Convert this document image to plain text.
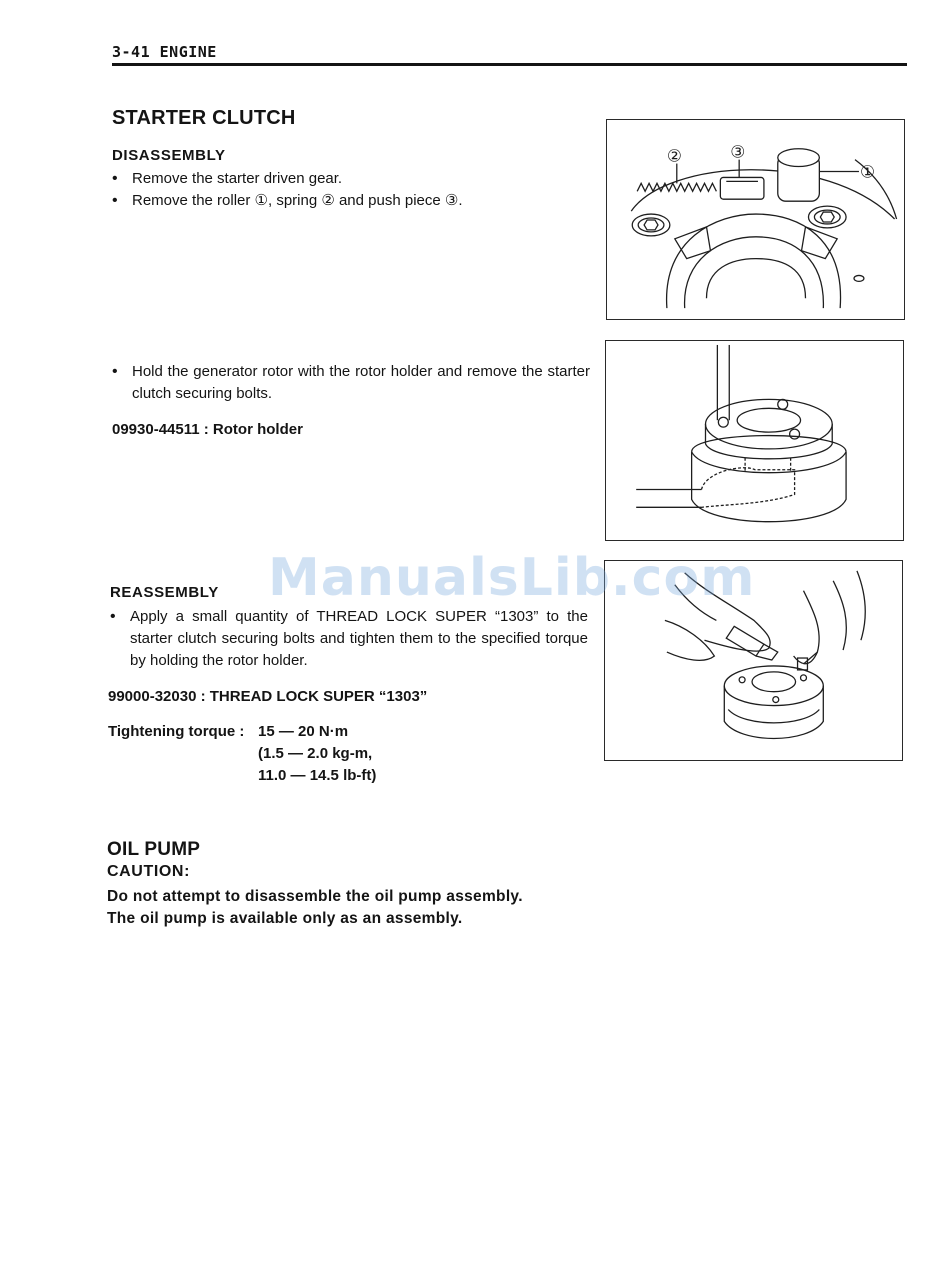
3-41 ENGINE
STARTER CLUTCH
DISASSEMBLY
• Remove the starter driven gear.
• Remove the roller ①, spring ② and push piece ③.
• Hold the generator rotor with the rotor holder and remove the starter clutch securing bolts.
09930-44511 : Rotor holder
REASSEMBLY
• Apply a small quantity of THREAD LOCK SUPER “1303” to the starter clutch securing bolts and tighten them to the specified torque by holding the rotor holder.
99000-32030 : THREAD LOCK SUPER “1303”
Tightening torque : 15 — 20 N·m
(1.5 — 2.0 kg-m,
11.0 — 14.5 lb-ft)
OIL PUMP
CAUTION:
Do not attempt to disassemble the oil pump assembly.
The oil pump is available only as an assembly.
②	③
①
ManualsLib.com
